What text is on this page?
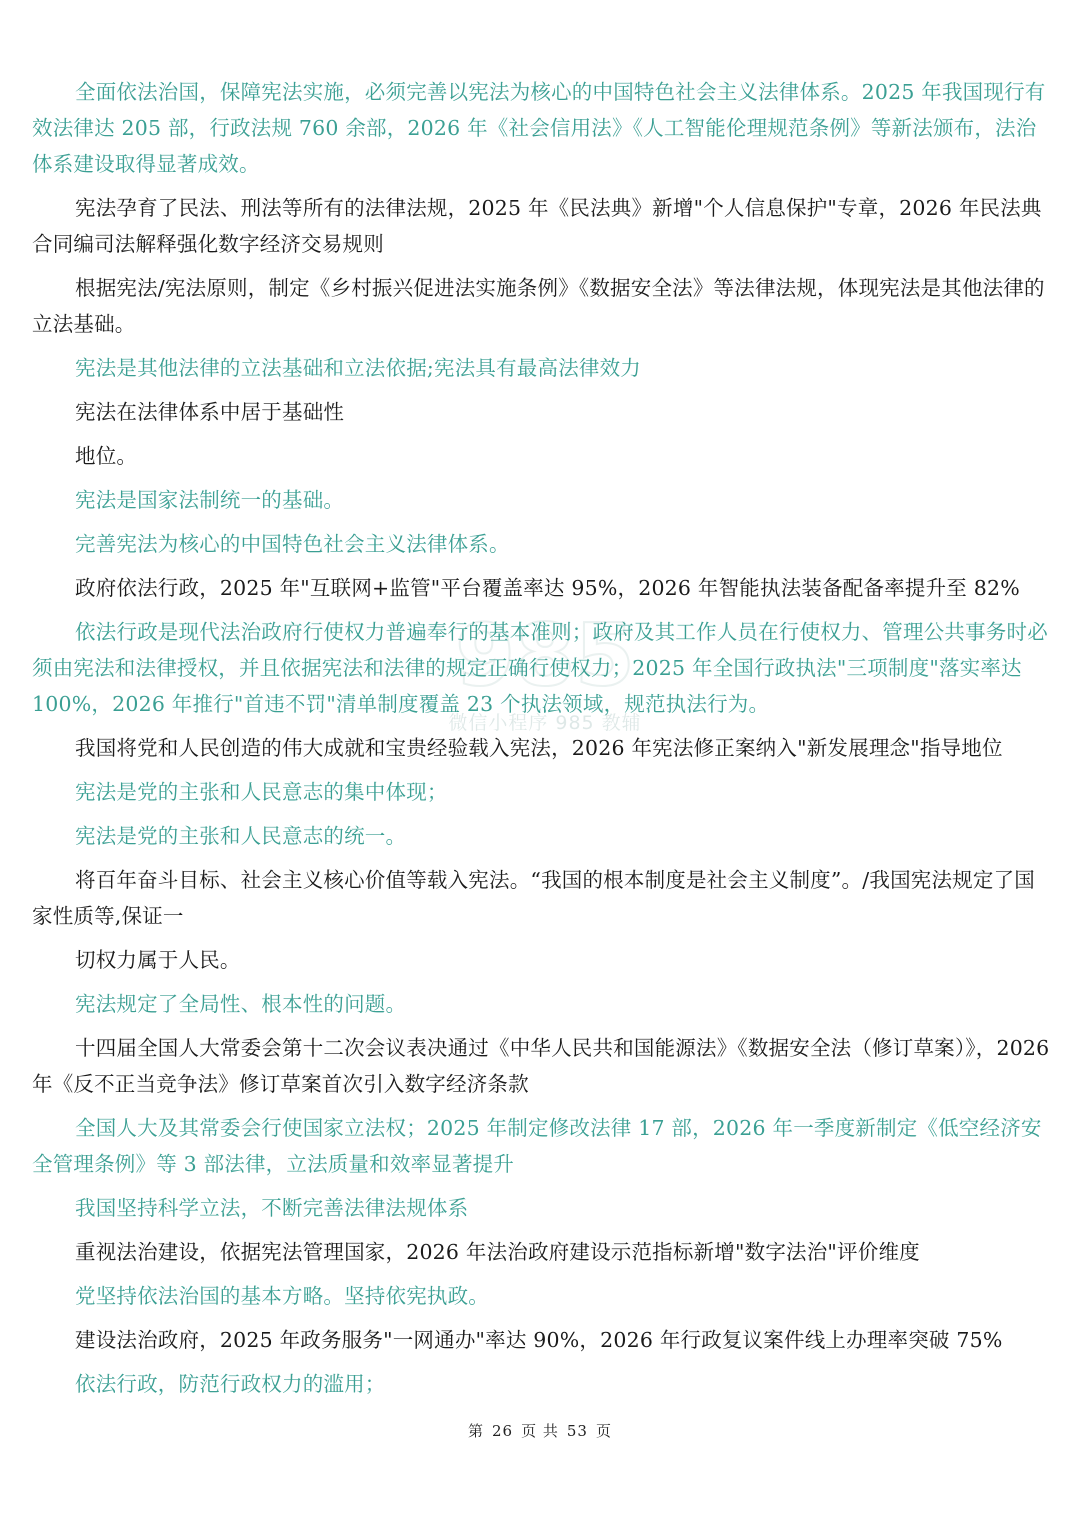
985
微信小程序 985 教辅

全面依法治国，保障宪法实施，必须完善以宪法为核心的中国特色社会主义法律体系。2025 年我国现行有效法律达 205 部，行政法规 760 余部，2026 年《社会信用法》《人工智能伦理规范条例》等新法颁布，法治体系建设取得显著成效。

宪法孕育了民法、刑法等所有的法律法规，2025 年《民法典》新增"个人信息保护"专章，2026 年民法典合同编司法解释强化数字经济交易规则

根据宪法/宪法原则，制定《乡村振兴促进法实施条例》《数据安全法》等法律法规，体现宪法是其他法律的立法基础。

宪法是其他法律的立法基础和立法依据;宪法具有最高法律效力

宪法在法律体系中居于基础性

地位。

宪法是国家法制统一的基础。

完善宪法为核心的中国特色社会主义法律体系。

政府依法行政，2025 年"互联网+监管"平台覆盖率达 95%，2026 年智能执法装备配备率提升至 82%

依法行政是现代法治政府行使权力普遍奉行的基本准则；政府及其工作人员在行使权力、管理公共事务时必须由宪法和法律授权，并且依据宪法和法律的规定正确行使权力；2025 年全国行政执法"三项制度"落实率达 100%，2026 年推行"首违不罚"清单制度覆盖 23 个执法领域，规范执法行为。

我国将党和人民创造的伟大成就和宝贵经验载入宪法，2026 年宪法修正案纳入"新发展理念"指导地位

宪法是党的主张和人民意志的集中体现；

宪法是党的主张和人民意志的统一。

将百年奋斗目标、社会主义核心价值等载入宪法。“我国的根本制度是社会主义制度”。/我国宪法规定了国家性质等,保证一

切权力属于人民。

宪法规定了全局性、根本性的问题。

十四届全国人大常委会第十二次会议表决通过《中华人民共和国能源法》《数据安全法（修订草案）》，2026 年《反不正当竞争法》修订草案首次引入数字经济条款

全国人大及其常委会行使国家立法权；2025 年制定修改法律 17 部，2026 年一季度新制定《低空经济安全管理条例》等 3 部法律，立法质量和效率显著提升

我国坚持科学立法，不断完善法律法规体系

重视法治建设，依据宪法管理国家，2026 年法治政府建设示范指标新增"数字法治"评价维度

党坚持依法治国的基本方略。坚持依宪执政。

建设法治政府，2025 年政务服务"一网通办"率达 90%，2026 年行政复议案件线上办理率突破 75%

依法行政，防范行政权力的滥用；

第 26 页 共 53 页
